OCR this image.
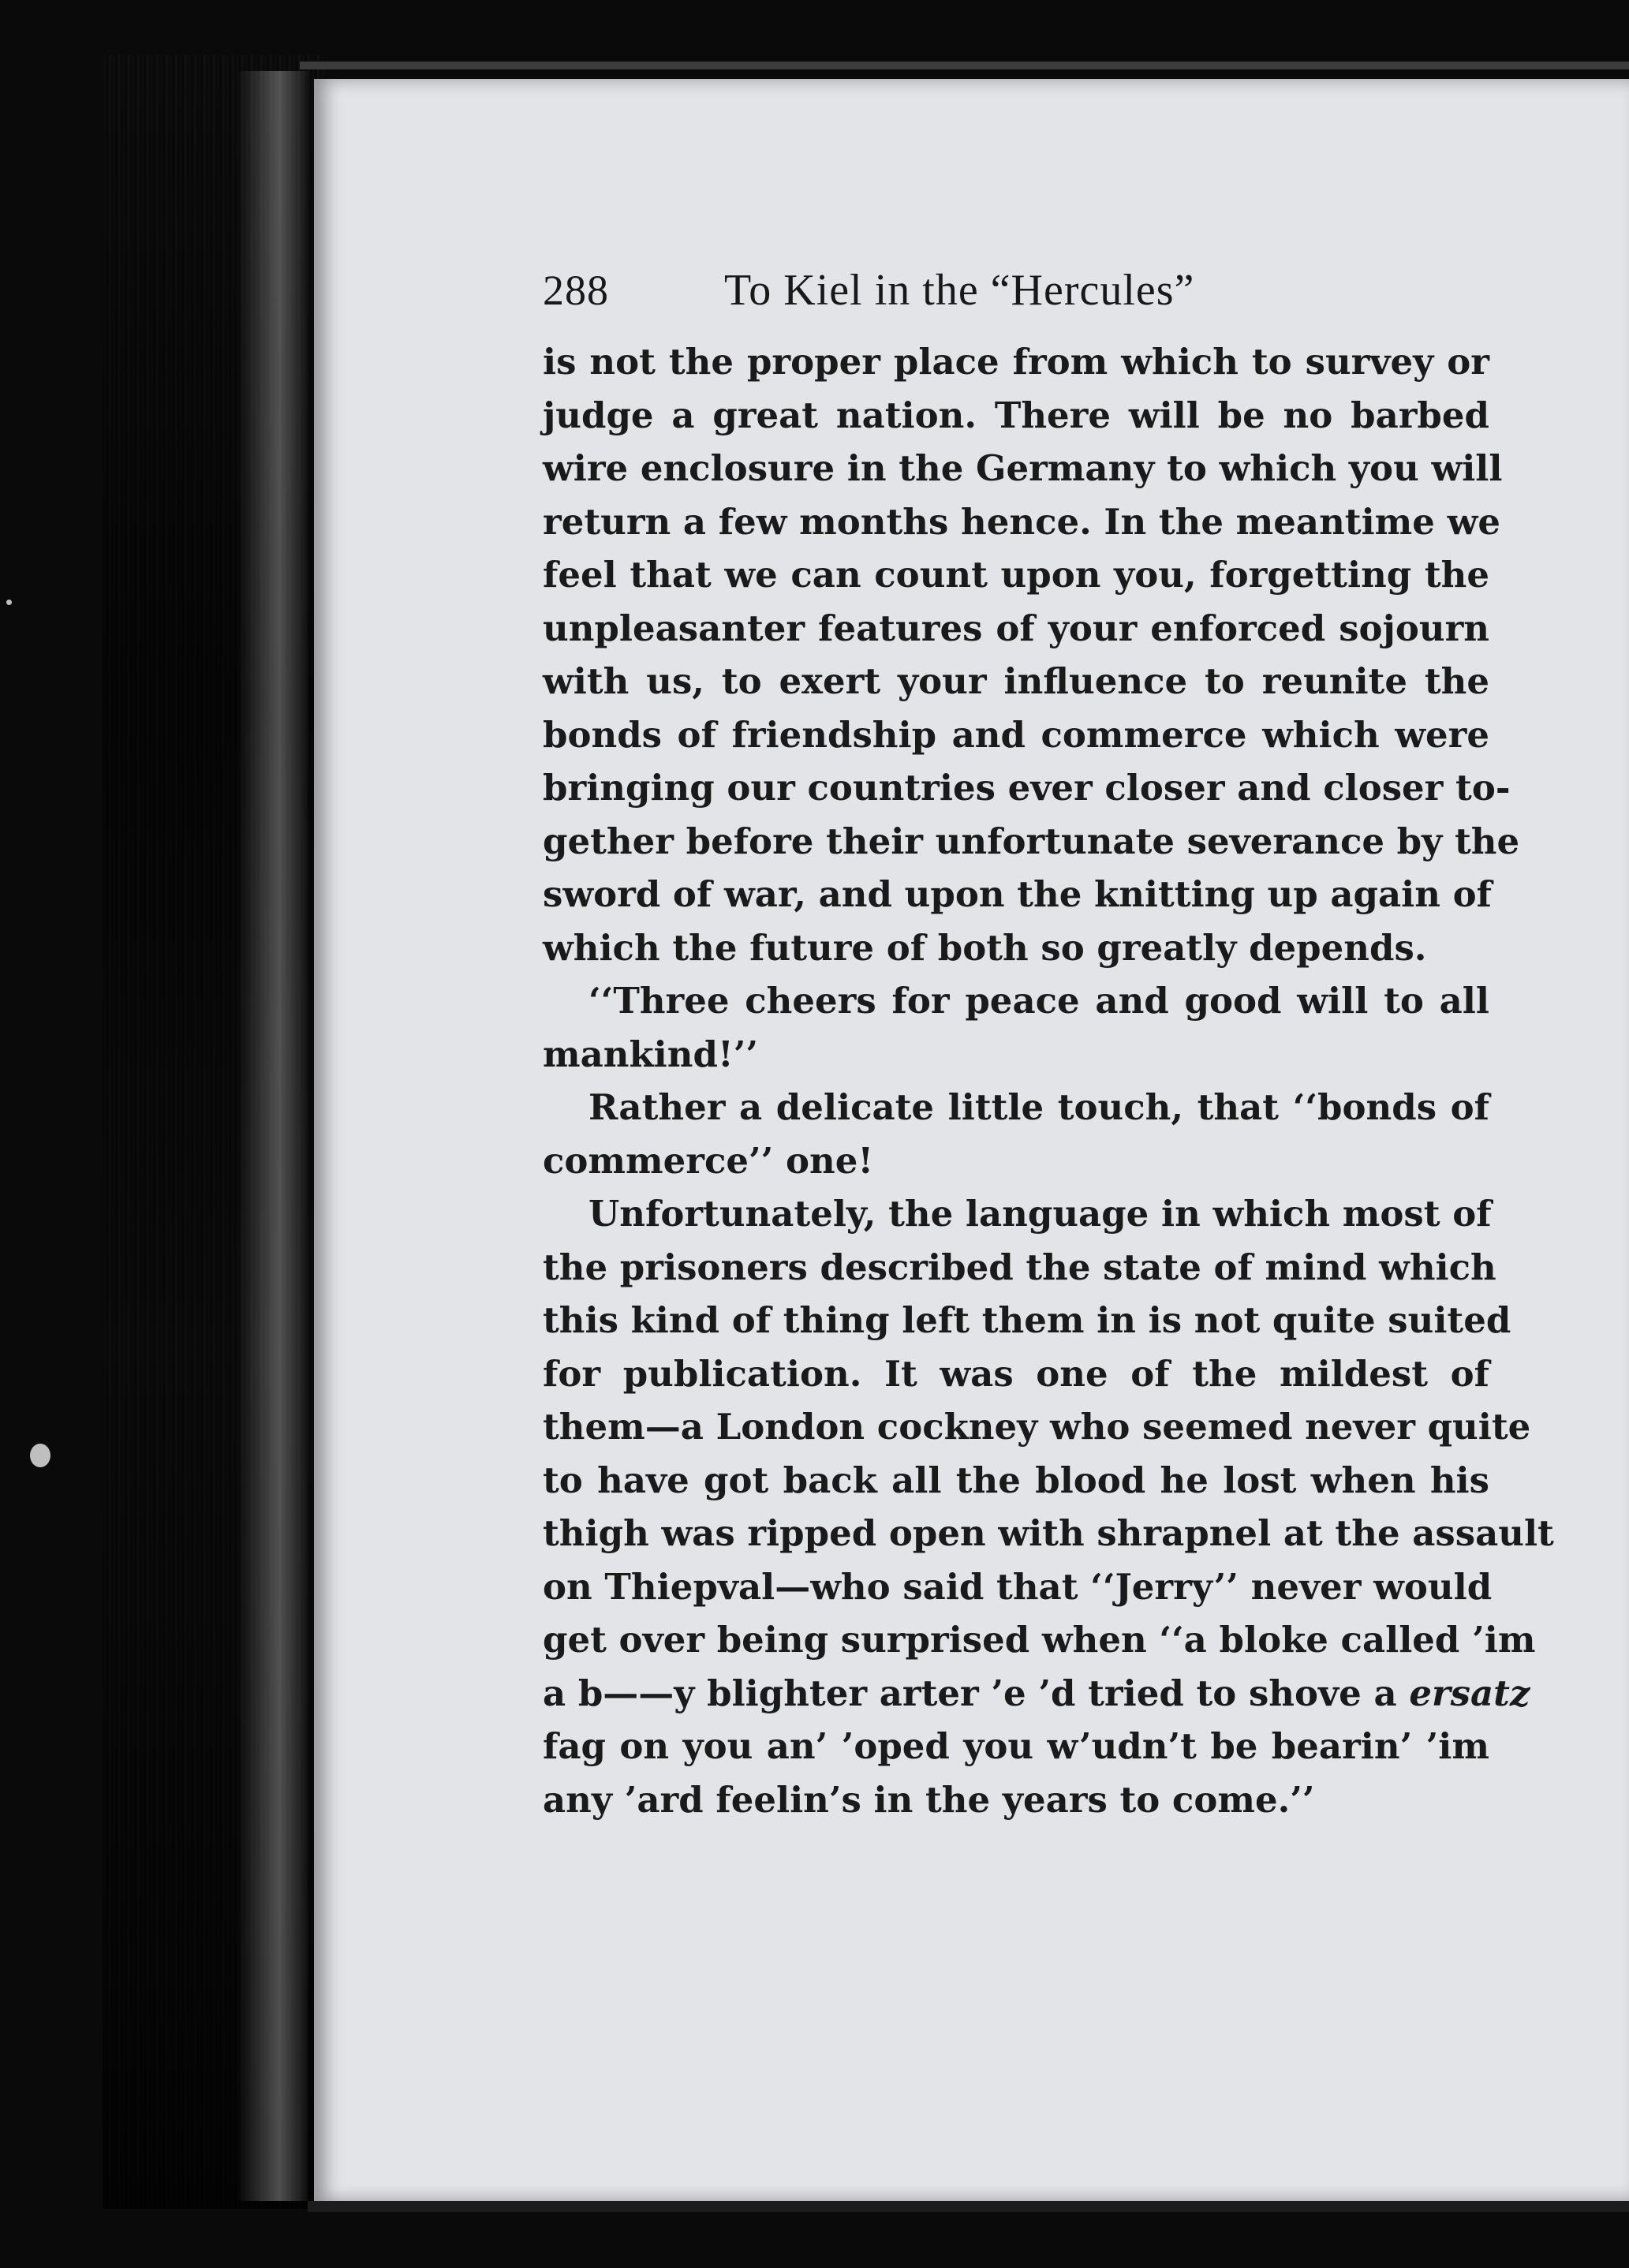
288	To Kiel in the “Hercules”
is not the proper place from which to survey or
judge a great nation. There will be no barbed
wire enclosure in the Germany to which you will
return a few months hence. In the meantime we
feel that we can count upon you, forgetting the
unpleasanter features of your enforced sojourn
with us, to exert your influence to reunite the
bonds of friendship and commerce which were
bringing our countries ever closer and closer to-
gether before their unfortunate severance by the
sword of war, and upon the knitting up again of
which the future of both so greatly depends.
‘‘Three cheers for peace and good will to all
mankind!’’
Rather a delicate little touch, that ‘‘bonds of
commerce’’ one!
Unfortunately, the language in which most of
the prisoners described the state of mind which
this kind of thing left them in is not quite suited
for publication. It was one of the mildest of
them—a London cockney who seemed never quite
to have got back all the blood he lost when his
thigh was ripped open with shrapnel at the assault
on Thiepval—who said that ‘‘Jerry’’ never would
get over being surprised when ‘‘a bloke called ’im
a b——y blighter arter ’e ’d tried to shove a ersatz
fag on you an’ ’oped you w’udn’t be bearin’ ’im
any ’ard feelin’s in the years to come.’’
